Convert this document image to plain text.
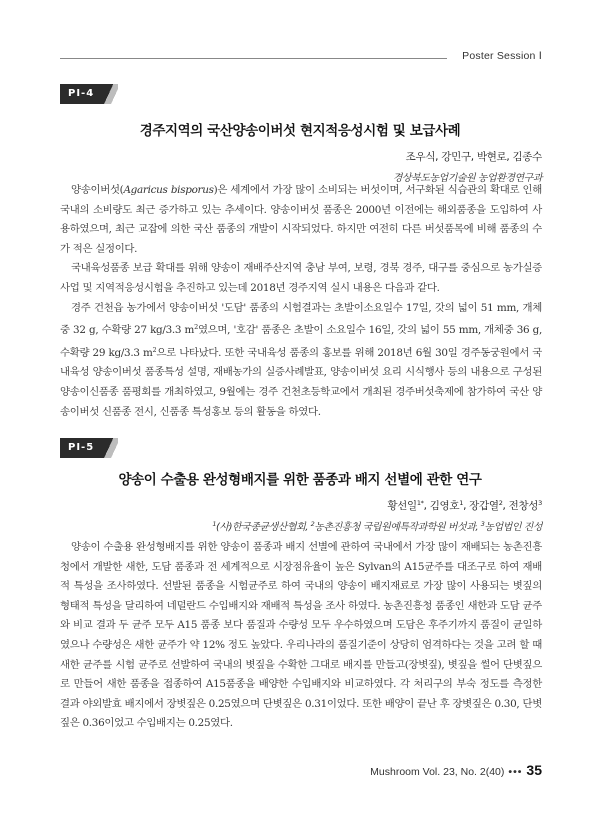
Poster Session Ⅰ
PⅠ-4
경주지역의 국산양송이버섯 현지적응성시험 및 보급사례
조우식, 강민구, 박현로, 김종수
경상북도농업기술원 농업환경연구과

양송이버섯(Agaricus bisporus)은 세계에서 가장 많이 소비되는 버섯이며, 서구화된 식습관의 확대로 인해 국내의 소비량도 최근 증가하고 있는 추세이다. 양송이버섯 품종은 2000년 이전에는 해외품종을 도입하여 사용하였으며, 최근 교잡에 의한 국산 품종의 개발이 시작되었다. 하지만 여전히 다른 버섯품목에 비해 품종의 수가 적은 실정이다.

국내육성품종 보급 확대를 위해 양송이 재배주산지역 충남 부여, 보령, 경북 경주, 대구를 중심으로 농가실증사업 및 지역적응성시험을 추진하고 있는데 2018년 경주지역 실시 내용은 다음과 같다.

경주 건천읍 농가에서 양송이버섯 '도담' 품종의 시험결과는 초발이소요일수 17일, 갓의 넓이 51 mm, 개체중 32 g, 수확량 27 kg/3.3 $m^2$였으며, '호감' 품종은 초발이 소요일수 16일, 갓의 넓이 55 mm, 개체중 36 g, 수확량 29 kg/3.3 $m^2$으로 나타났다. 또한 국내육성 품종의 홍보를 위해 2018년 6월 30일 경주동궁원에서 국내육성 양송이버섯 품종특성 설명, 재배농가의 실증사례발표, 양송이버섯 요리 시식행사 등의 내용으로 구성된 양송이신품종 품평회를 개최하였고, 9월에는 경주 건천초등학교에서 개최된 경주버섯축제에 참가하여 국산 양송이버섯 신품종 전시, 신품종 특성홍보 등의 활동을 하였다.

PⅠ-5
양송이 수출용 완성형배지를 위한 품종과 배지 선별에 관한 연구
황선일$^{1*}$, 김영호$^1$, 장갑열$^2$, 전창성$^3$
$^1$(사)한국종균생산협회, $^2$농촌진흥청 국립원예특작과학원 버섯과, $^3$농업법인 진성

양송이 수출용 완성형배지를 위한 양송이 품종과 배지 선별에 관하여 국내에서 가장 많이 재배되는 농촌진흥청에서 개발한 새한, 도담 품종과 전 세계적으로 시장점유율이 높은 Sylvan의 A15균주를 대조구로 하여 재배적 특성을 조사하였다. 선발된 품종을 시험균주로 하여 국내의 양송이 배지재료로 가장 많이 사용되는 볏짚의 형태적 특성을 달리하여 네덜란드 수입배지와 재배적 특성을 조사 하였다. 농촌진흥청 품종인 새한과 도담 균주와 비교 결과 두 균주 모두 A15 품종 보다 품질과 수량성 모두 우수하였으며 도담은 후주기까지 품질이 균일하였으나 수량성은 새한 균주가 약 12% 정도 높았다. 우리나라의 품질기준이 상당히 엄격하다는 것을 고려 할 때 새한 균주를 시험 균주로 선발하여 국내의 볏짚을 수확한 그대로 배지를 만들고(장볏짚), 볏짚을 썰어 단볏짚으로 만들어 새한 품종을 접종하여 A15품종을 배양한 수입배지와 비교하였다. 각 처리구의 부숙 정도를 측정한 결과 야외발효 배지에서 장볏짚은 0.25였으며 단볏짚은 0.31이었다. 또한 배양이 끝난 후 장볏짚은 0.30, 단볏짚은 0.36이었고 수입배지는 0.25였다.

Mushroom Vol. 23, No. 2(40) ••• 35
